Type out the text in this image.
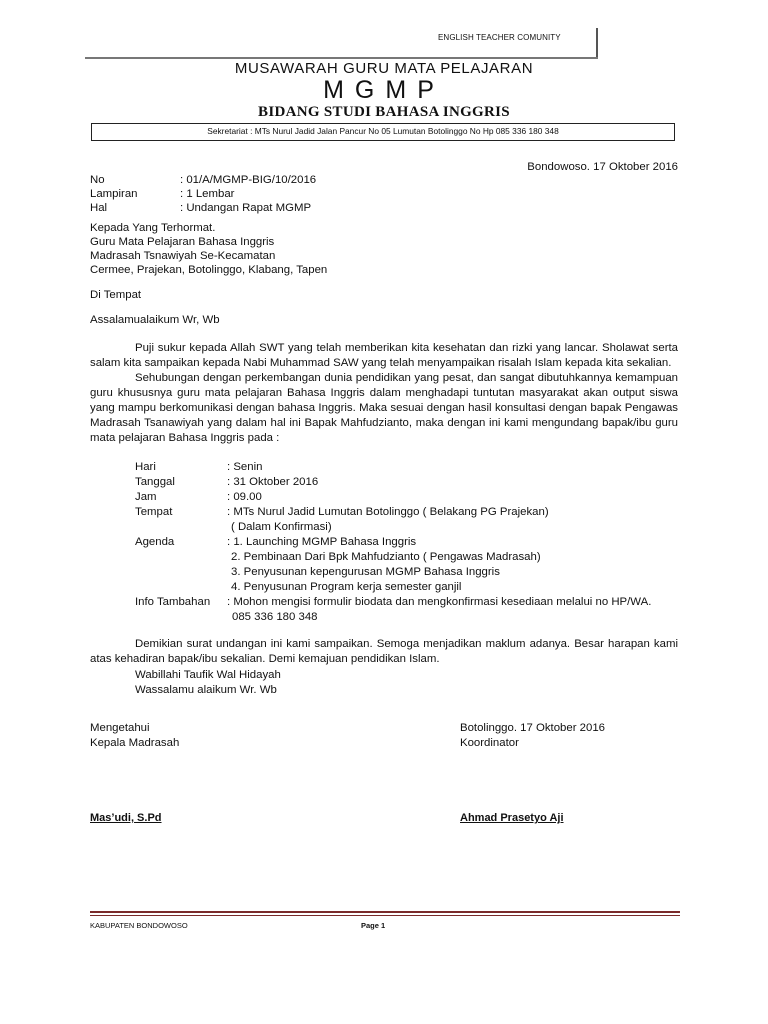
ENGLISH TEACHER COMUNITY
MUSAWARAH GURU MATA PELAJARAN
MGMP
BIDANG STUDI BAHASA INGGRIS
Sekretariat : MTs Nurul Jadid Jalan Pancur No 05 Lumutan Botolinggo No Hp 085 336 180 348
Bondowoso. 17 Oktober 2016
No	: 01/A/MGMP-BIG/10/2016
Lampiran	: 1 Lembar
Hal	: Undangan Rapat MGMP
Kepada Yang Terhormat.
Guru Mata Pelajaran Bahasa Inggris
Madrasah Tsnawiyah Se-Kecamatan
Cermee, Prajekan, Botolinggo, Klabang, Tapen
Di Tempat
Assalamualaikum Wr, Wb
Puji sukur kepada Allah SWT yang telah memberikan kita kesehatan dan rizki yang lancar. Sholawat serta salam kita sampaikan kepada Nabi Muhammad SAW yang telah menyampaikan risalah Islam kepada kita sekalian.
Sehubungan dengan perkembangan dunia pendidikan yang pesat, dan sangat dibutuhkannya kemampuan guru khususnya guru mata pelajaran Bahasa Inggris dalam menghadapi tuntutan masyarakat akan output siswa yang mampu berkomunikasi dengan bahasa Inggris. Maka sesuai dengan hasil konsultasi dengan bapak Pengawas Madrasah Tsanawiyah yang dalam hal ini Bapak Mahfudzianto, maka dengan ini kami mengundang bapak/ibu guru mata pelajaran Bahasa Inggris pada :
Hari	: Senin
Tanggal	: 31 Oktober 2016
Jam	: 09.00
Tempat	: MTs Nurul Jadid Lumutan Botolinggo ( Belakang PG Prajekan)
( Dalam Konfirmasi)
Agenda	: 1. Launching MGMP Bahasa Inggris
2. Pembinaan Dari Bpk Mahfudzianto ( Pengawas Madrasah)
3. Penyusunan kepengurusan MGMP Bahasa Inggris
4. Penyusunan Program kerja semester ganjil
Info Tambahan : Mohon mengisi formulir biodata dan mengkonfirmasi kesediaan melalui no HP/WA.
085 336 180 348
Demikian surat undangan ini kami sampaikan. Semoga menjadikan maklum adanya. Besar harapan kami atas kehadiran bapak/ibu sekalian. Demi kemajuan pendidikan Islam.
Wabillahi Taufik Wal Hidayah
Wassalamu alaikum Wr. Wb
Mengetahui
Kepala Madrasah
Botolinggo. 17 Oktober 2016
Koordinator
Mas’udi, S.Pd	Ahmad Prasetyo Aji
KABUPATEN BONDOWOSO	Page 1
